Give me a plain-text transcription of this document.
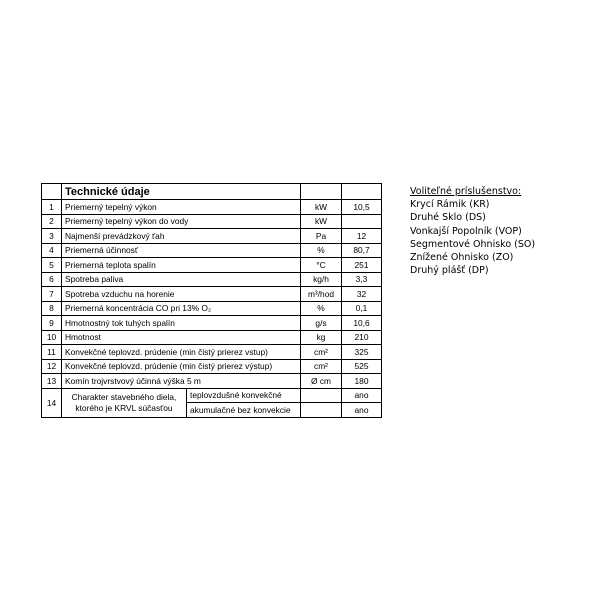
	Technické údaje			
1	Priemerný tepelný výkon		kW	10,5
2	Priemerný tepelný výkon do vody		kW	
3	Najmenší prevádzkový ťah		Pa	12
4	Priemerná účinnosť		%	80,7
5	Priemerná teplota spalín		°C	251
6	Spotreba paliva		kg/h	3,3
7	Spotreba vzduchu na horenie		m³/hod	32
8	Priemerná koncentrácia CO pri 13% O₂		%	0,1
9	Hmotnostný tok tuhých spalín		g/s	10,6
10	Hmotnost		kg	210
11	Konvekčné teplovzd. prúdenie (min čistý prierez vstup)		cm²	325
12	Konvekčné teplovzd. prúdenie (min čistý prierez výstup)		cm²	525
13	Komín trojvrstvový účinná výška 5 m		Ø cm	180
14	Charakter stavebného diela, ktorého je KRVL súčasťou	teplovzdušné konvekčné		ano
		akumulačné bez konvekcie		ano
Voliteľné príslušenstvo:
Krycí Rámik (KR)
Druhé Sklo (DS)
Vonkajší Popolník (VOP)
Segmentové Ohnisko (SO)
Znížené Ohnisko (ZO)
Druhý plášť (DP)
